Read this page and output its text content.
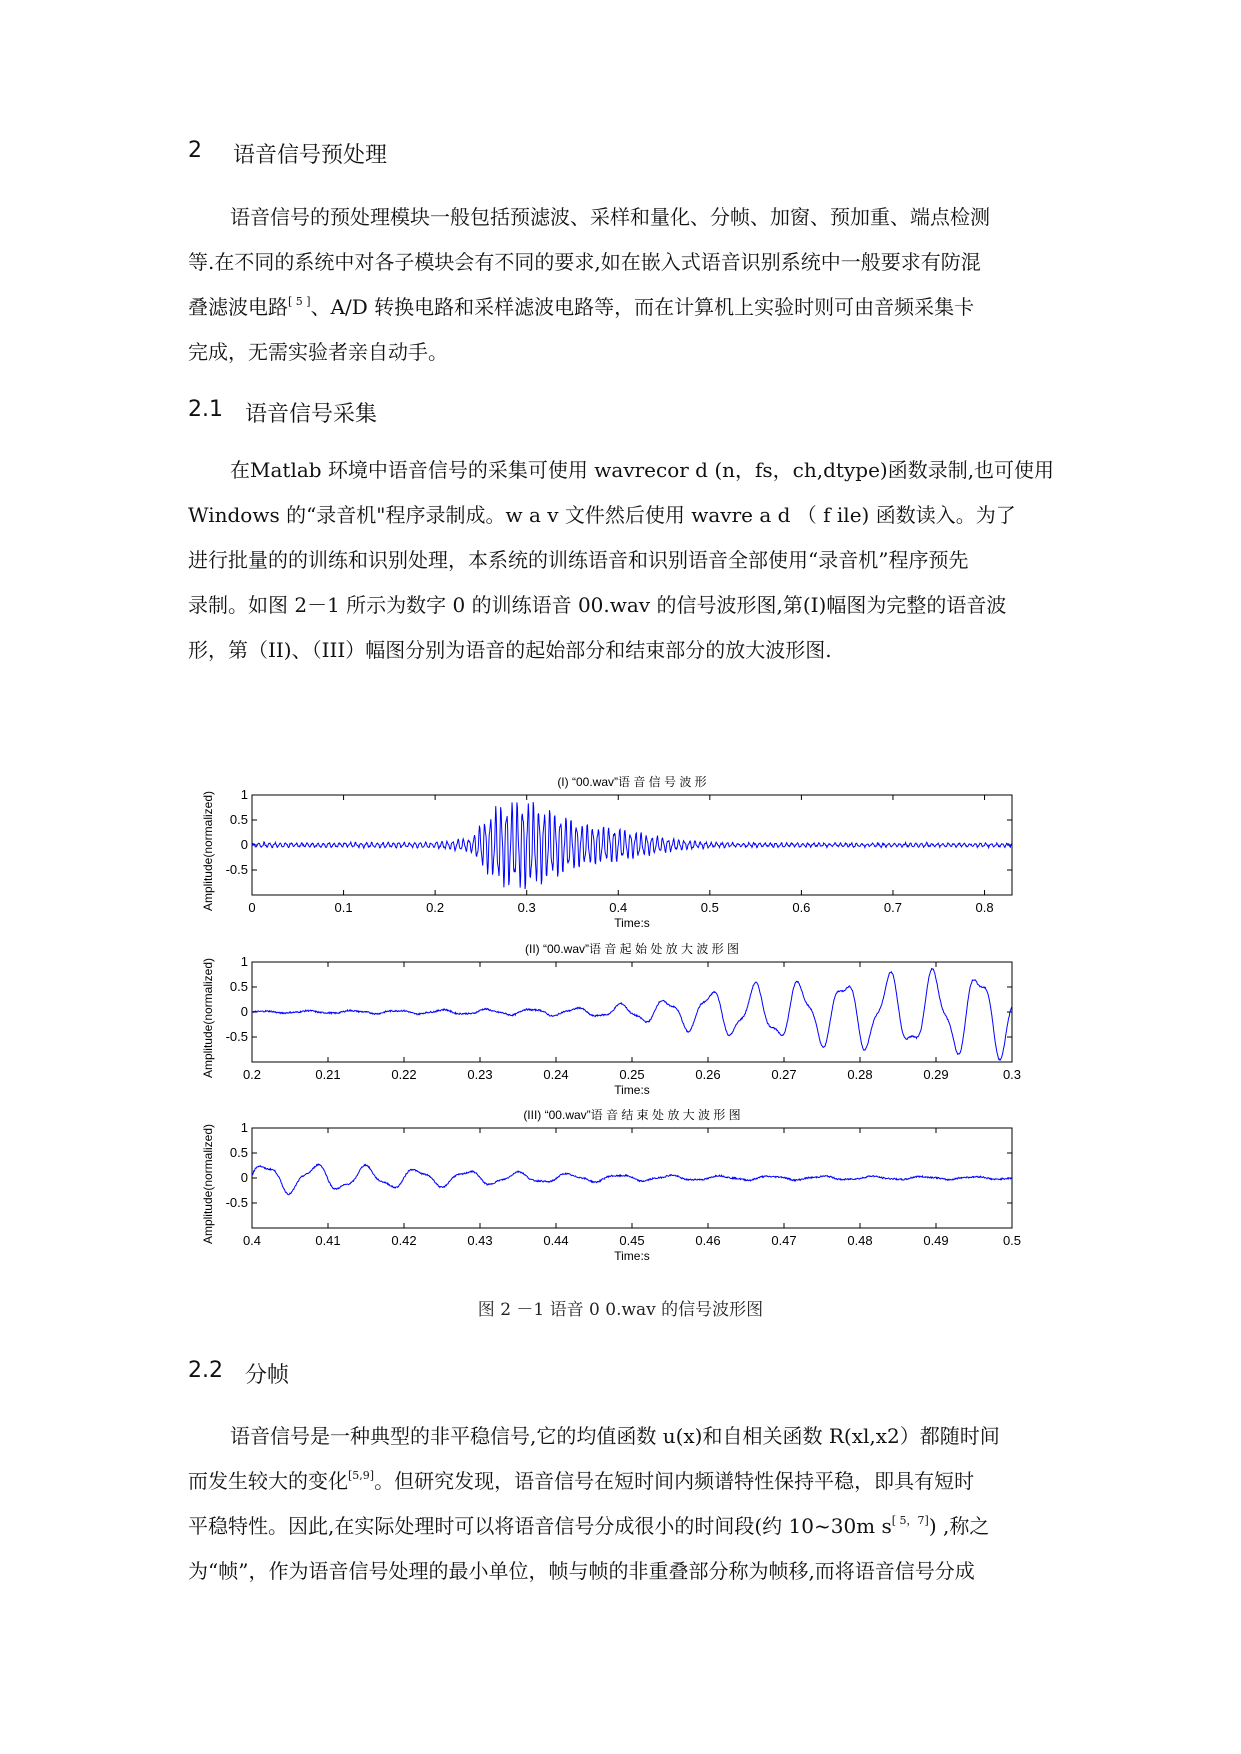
2 语音信号预处理
语音信号的预处理模块一般包括预滤波、采样和量化、分帧、加窗、预加重、端点检测
等.在不同的系统中对各子模块会有不同的要求,如在嵌入式语音识别系统中一般要求有防混
叠滤波电路[ 5 ]、A/D 转换电路和采样滤波电路等，而在计算机上实验时则可由音频采集卡
完成，无需实验者亲自动手。
2.1 语音信号采集
在Matlab 环境中语音信号的采集可使用 wavrecor d (n，fs，ch,dtype)函数录制,也可使用
Windows 的“录音机"程序录制成。w a v 文件然后使用 wavre a d （ f ile) 函数读入。为了
进行批量的的训练和识别处理，本系统的训练语音和识别语音全部使用“录音机”程序预先
录制。如图 2－1 所示为数字 0 的训练语音 00.wav 的信号波形图,第(Ⅰ)幅图为完整的语音波
形，第（II)、（III）幅图分别为语音的起始部分和结束部分的放大波形图.
(I) “00.wav”语 音 信 号 波 形
1
0.5
0
-0.5
0	0.1	0.2	0.3	0.4	0.5	0.6	0.7	0.8
Time:s
Amplitude(normalized)
(II) “00.wav”语 音 起 始 处 放 大 波 形 图
1
0.5
0
-0.5
0.2	0.21	0.22	0.23	0.24	0.25	0.26	0.27	0.28	0.29	0.3
Time:s
Amplitude(normalized)
(III) “00.wav”语 音 结 束 处 放 大 波 形 图
1
0.5
0
-0.5
0.4	0.41	0.42	0.43	0.44	0.45	0.46	0.47	0.48	0.49	0.5
Time:s
Amplitude(normalized)
图 2 －1 语音 0 0.wav 的信号波形图
2.2 分帧
语音信号是一种典型的非平稳信号,它的均值函数 u(x)和自相关函数 R(xl,x2）都随时间
而发生较大的变化[5,9]。但研究发现，语音信号在短时间内频谱特性保持平稳，即具有短时
平稳特性。因此,在实际处理时可以将语音信号分成很小的时间段(约 10~30m s[ 5，7]) ,称之
为“帧”，作为语音信号处理的最小单位，帧与帧的非重叠部分称为帧移,而将语音信号分成
